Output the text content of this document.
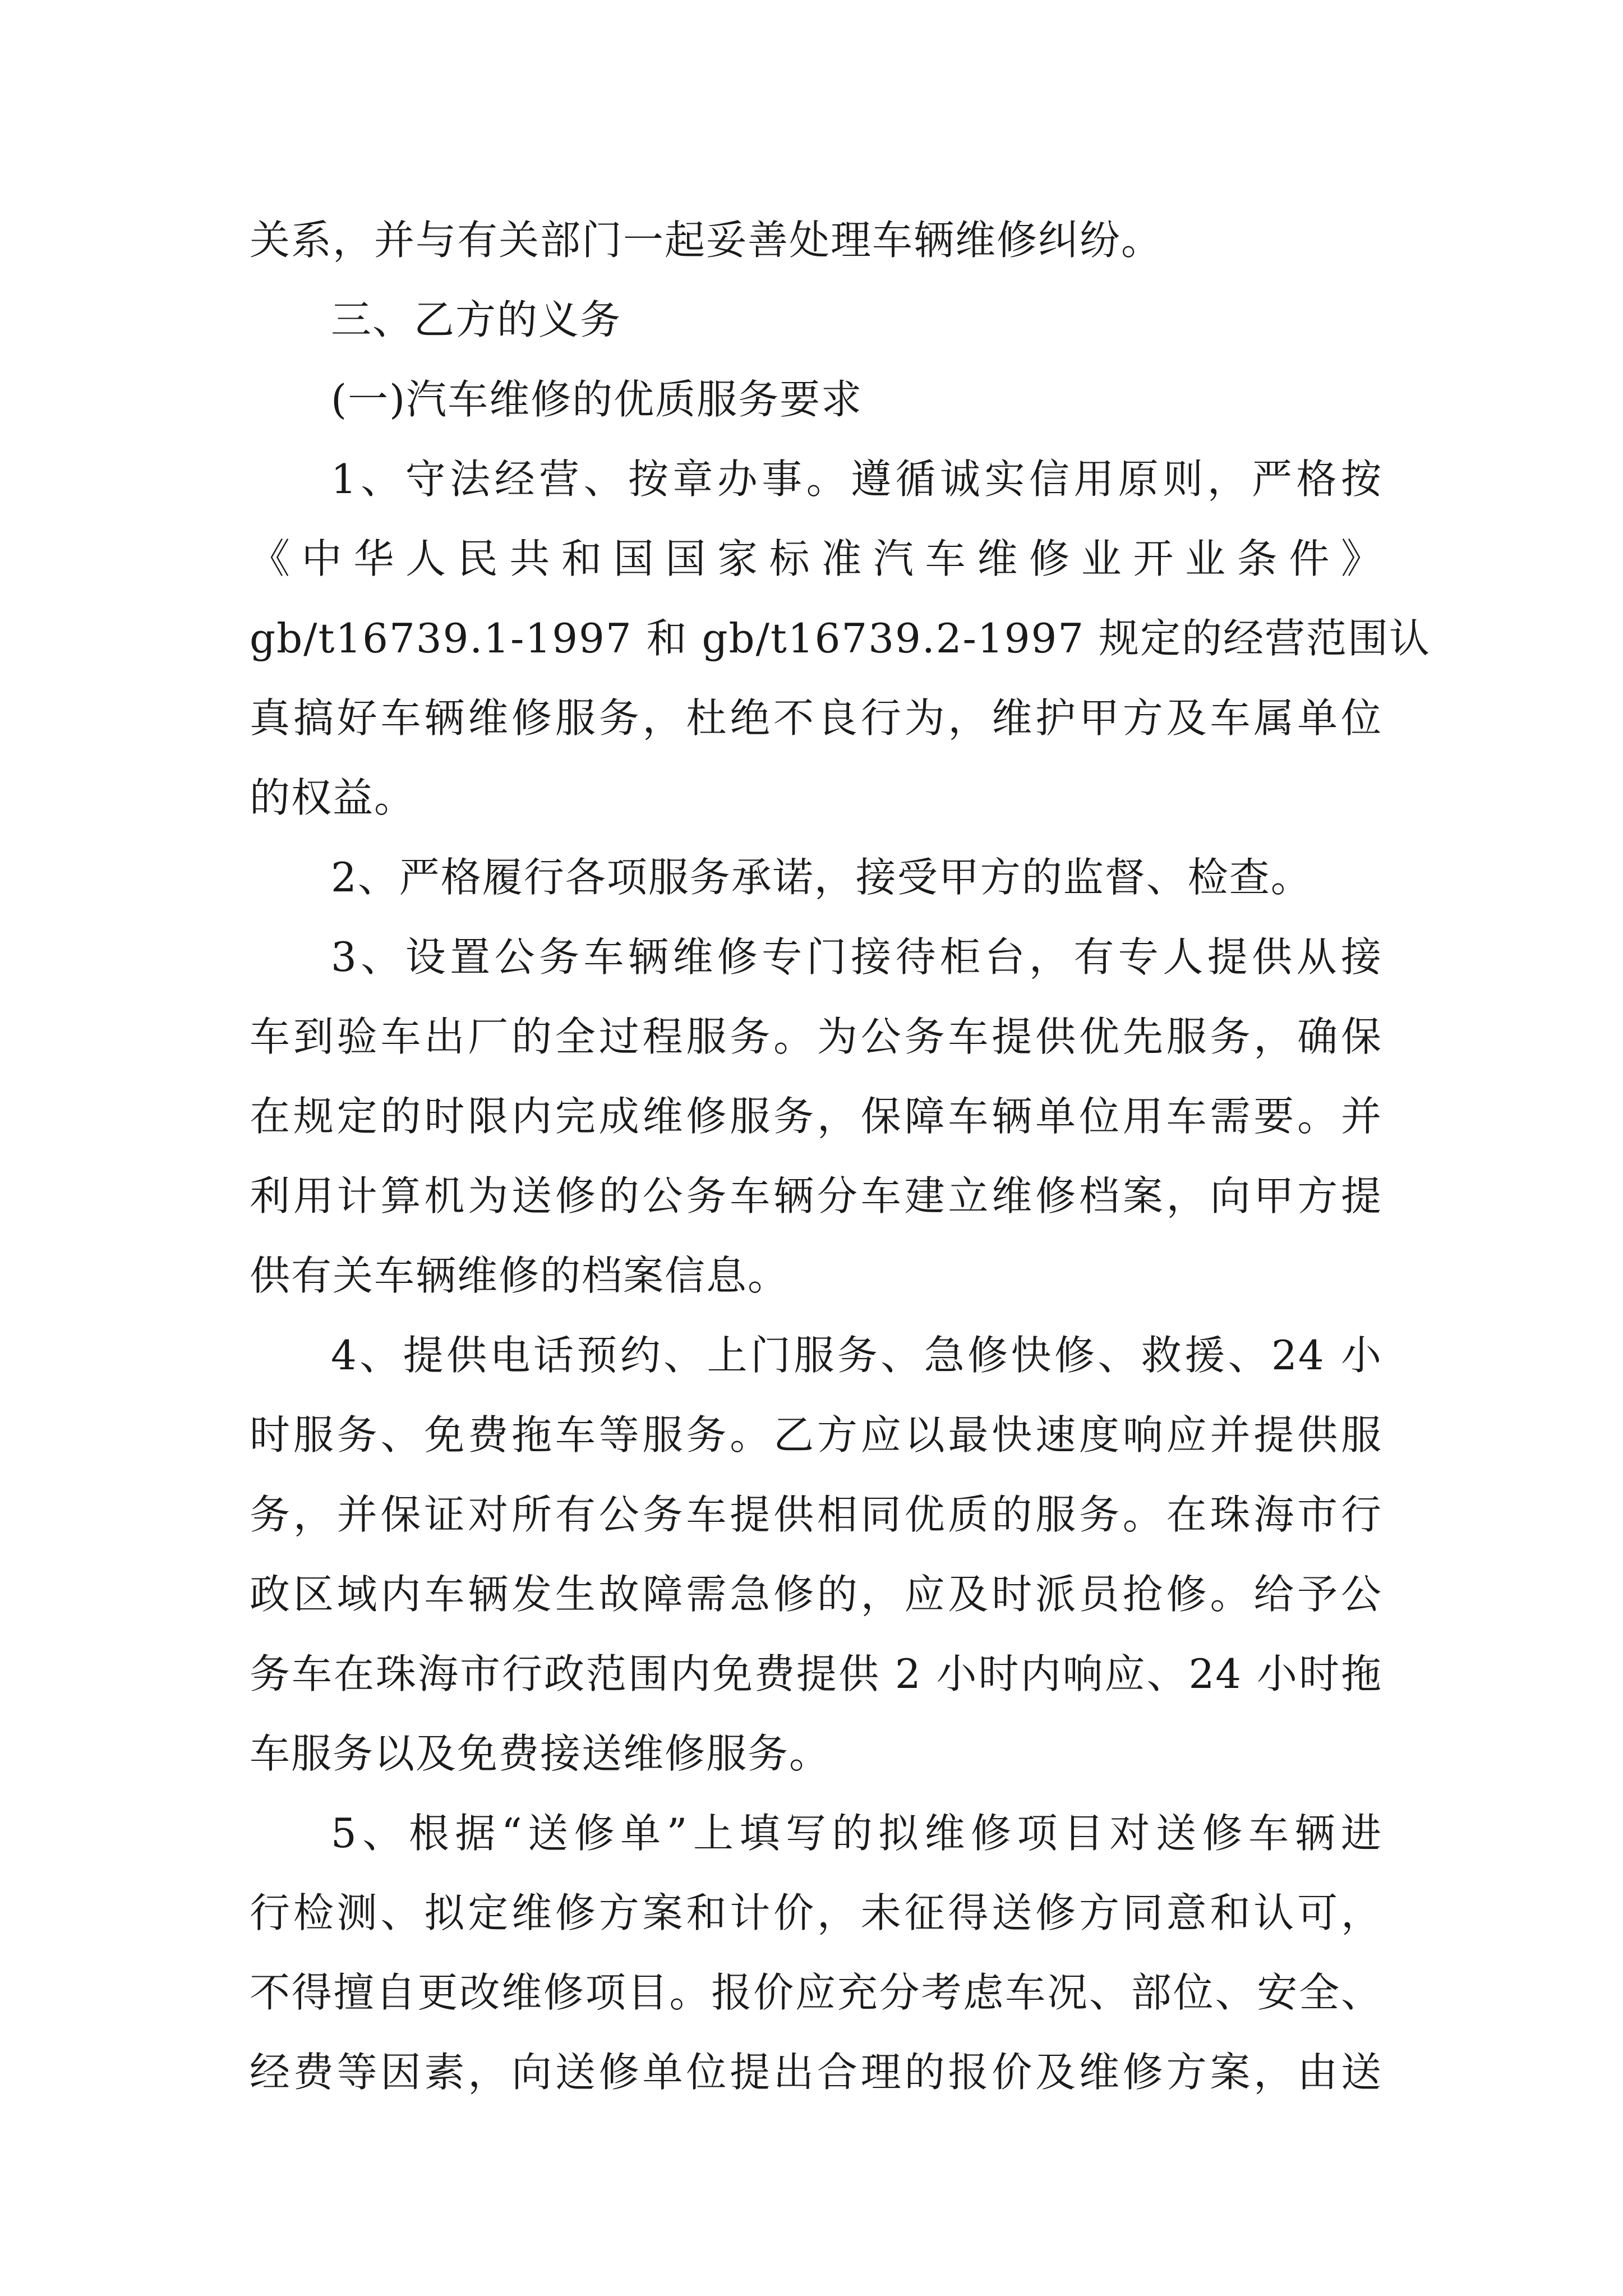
关系，并与有关部门一起妥善处理车辆维修纠纷。
三、乙方的义务
(一)汽车维修的优质服务要求
1、守法经营、按章办事。遵循诚实信用原则，严格按
《中华人民共和国国家标准汽车维修业开业条件》
gb/t16739.1-1997 和 gb/t16739.2-1997 规定的经营范围认
真搞好车辆维修服务，杜绝不良行为，维护甲方及车属单位
的权益。
2、严格履行各项服务承诺，接受甲方的监督、检查。
3、设置公务车辆维修专门接待柜台，有专人提供从接
车到验车出厂的全过程服务。为公务车提供优先服务，确保
在规定的时限内完成维修服务，保障车辆单位用车需要。并
利用计算机为送修的公务车辆分车建立维修档案，向甲方提
供有关车辆维修的档案信息。
4、提供电话预约、上门服务、急修快修、救援、24 小
时服务、免费拖车等服务。乙方应以最快速度响应并提供服
务，并保证对所有公务车提供相同优质的服务。在珠海市行
政区域内车辆发生故障需急修的，应及时派员抢修。给予公
务车在珠海市行政范围内免费提供 2 小时内响应、24 小时拖
车服务以及免费接送维修服务。
5、根据“送修单”上填写的拟维修项目对送修车辆进
行检测、拟定维修方案和计价，未征得送修方同意和认可，
不得擅自更改维修项目。报价应充分考虑车况、部位、安全、
经费等因素，向送修单位提出合理的报价及维修方案，由送
